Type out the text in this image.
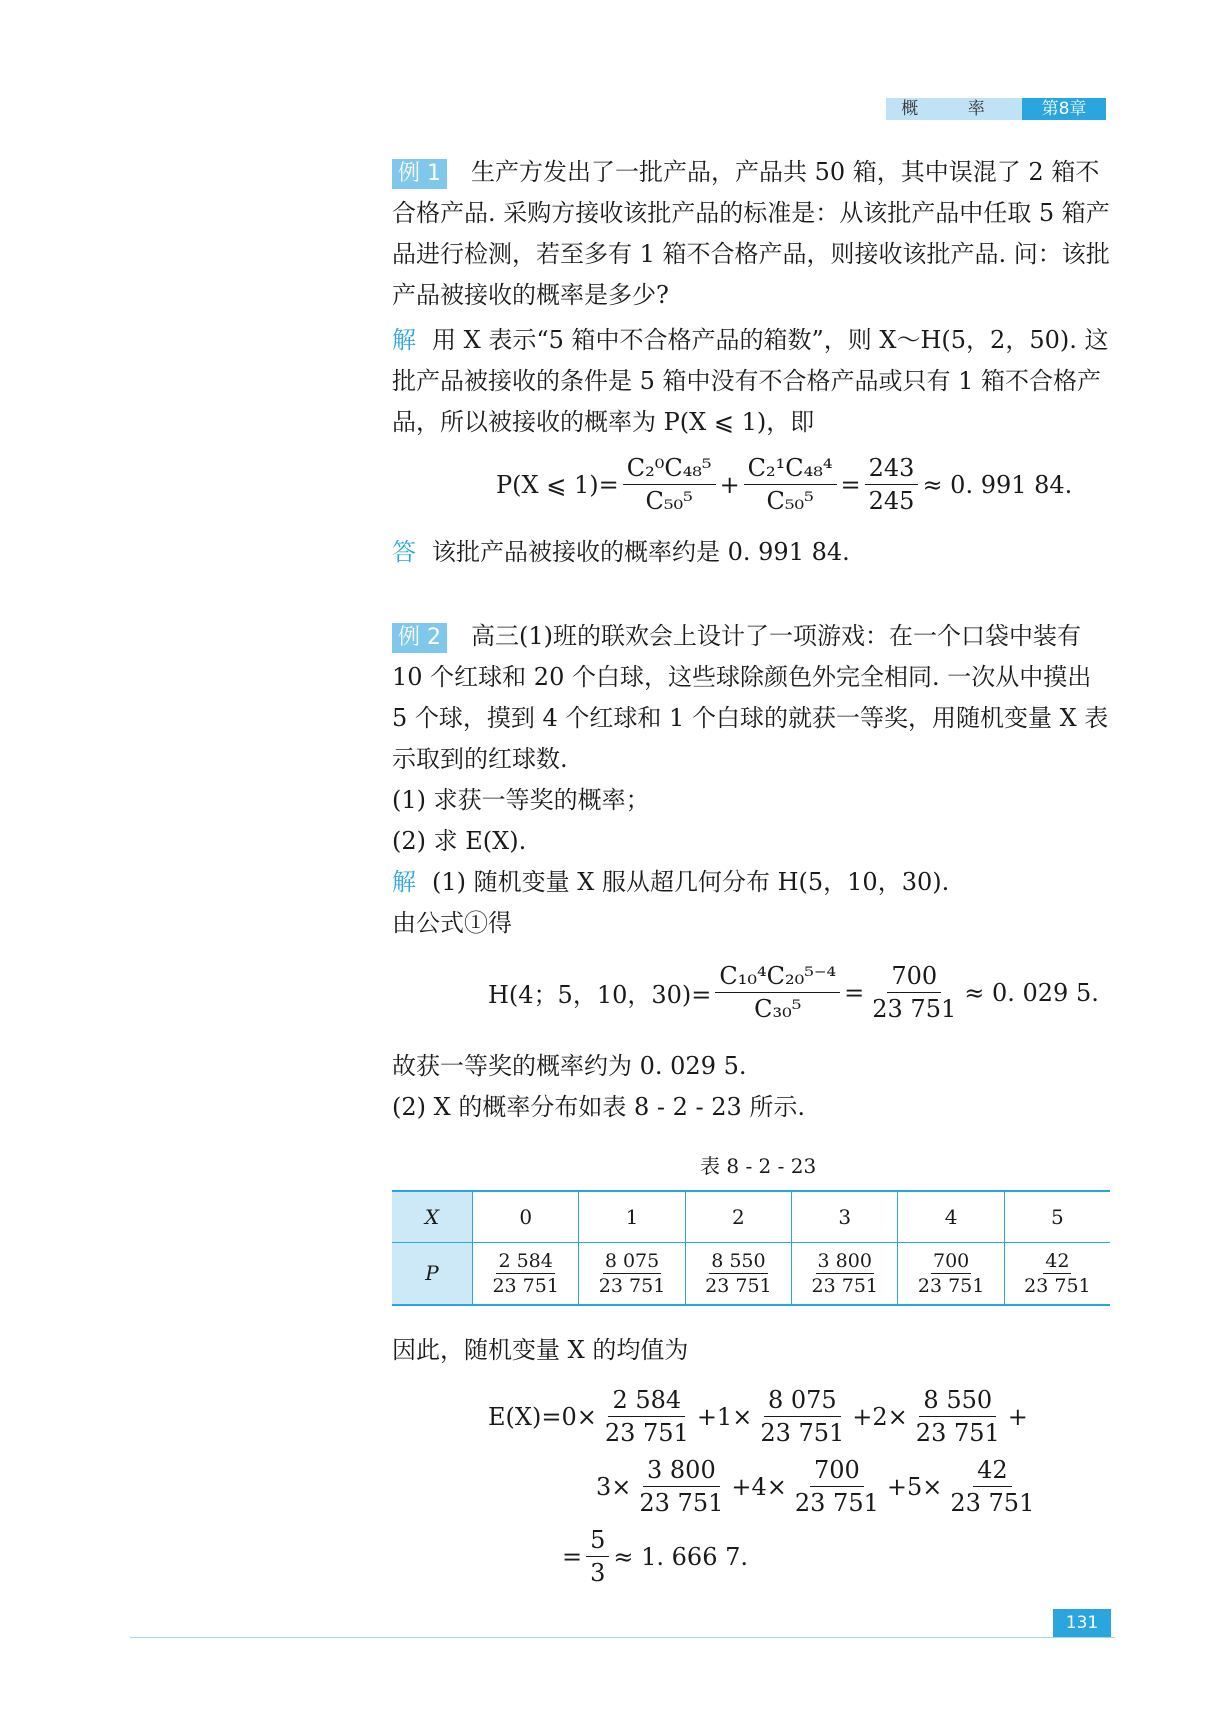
概 率	第8章

例 1 生产方发出了一批产品，产品共 50 箱，其中误混了 2 箱不合格产品. 采购方接收该批产品的标准是：从该批产品中任取 5 箱产品进行检测，若至多有 1 箱不合格产品，则接收该批产品. 问：该批产品被接收的概率是多少?

解 用 X 表示“5 箱中不合格产品的箱数”，则 X～H(5，2，50). 这批产品被接收的条件是 5 箱中没有不合格产品或只有 1 箱不合格产品，所以被接收的概率为 P(X ⩽ 1)，即

P(X ⩽ $1)= \frac{\text{C₂⁰C₄₈⁵}}{\text{C₅₀⁵}} + \frac{\text{C₂¹C₄₈⁴}}{\text{C₅₀⁵}} = \frac{243}{245} \approx 0$. 991 84.

答 该批产品被接收的概率约是 0. 991 84.

例 2 高三(1)班的联欢会上设计了一项游戏：在一个口袋中装有 10 个红球和 20 个白球，这些球除颜色外完全相同. 一次从中摸出 5 个球，摸到 4 个红球和 1 个白球的就获一等奖，用随机变量 X 表示取到的红球数.

(1) 求获一等奖的概率；

(2) 求 E(X).

解 (1) 随机变量 X 服从超几何分布 H(5，10，30).

由公式①得

H(4；5，10，$30)= \frac{\text{C₁₀⁴C₂₀⁵⁻⁴}}{\text{C₃₀⁵}} = \frac{700}{23 751} \approx 0$. 029 5.

故获一等奖的概率约为 0. 029 5.

(2) X 的概率分布如表 8 - 2 - 23 所示.

表 8 - 2 - 23
X	0	1	2	3	4	5
P	$\frac{2 584}{23 751}$	$\frac{8 075}{23 751}$	$\frac{8 550}{23 751}$	$\frac{3 800}{23 751}$	$\frac{700}{23 751}$	$\frac{42}{23 751}$

因此，随机变量 X 的均值为

$E(X)=0\times \frac{2 584}{23 751} +1\times \frac{8 075}{23 751} +2\times \frac{8 550}{23 751}$ +
$3\times \frac{3 800}{23 751} +4\times \frac{700}{23 751} +5\times \frac{42}{23 751}$
= $\frac{5}{3} \approx 1$. 666 7.
131
